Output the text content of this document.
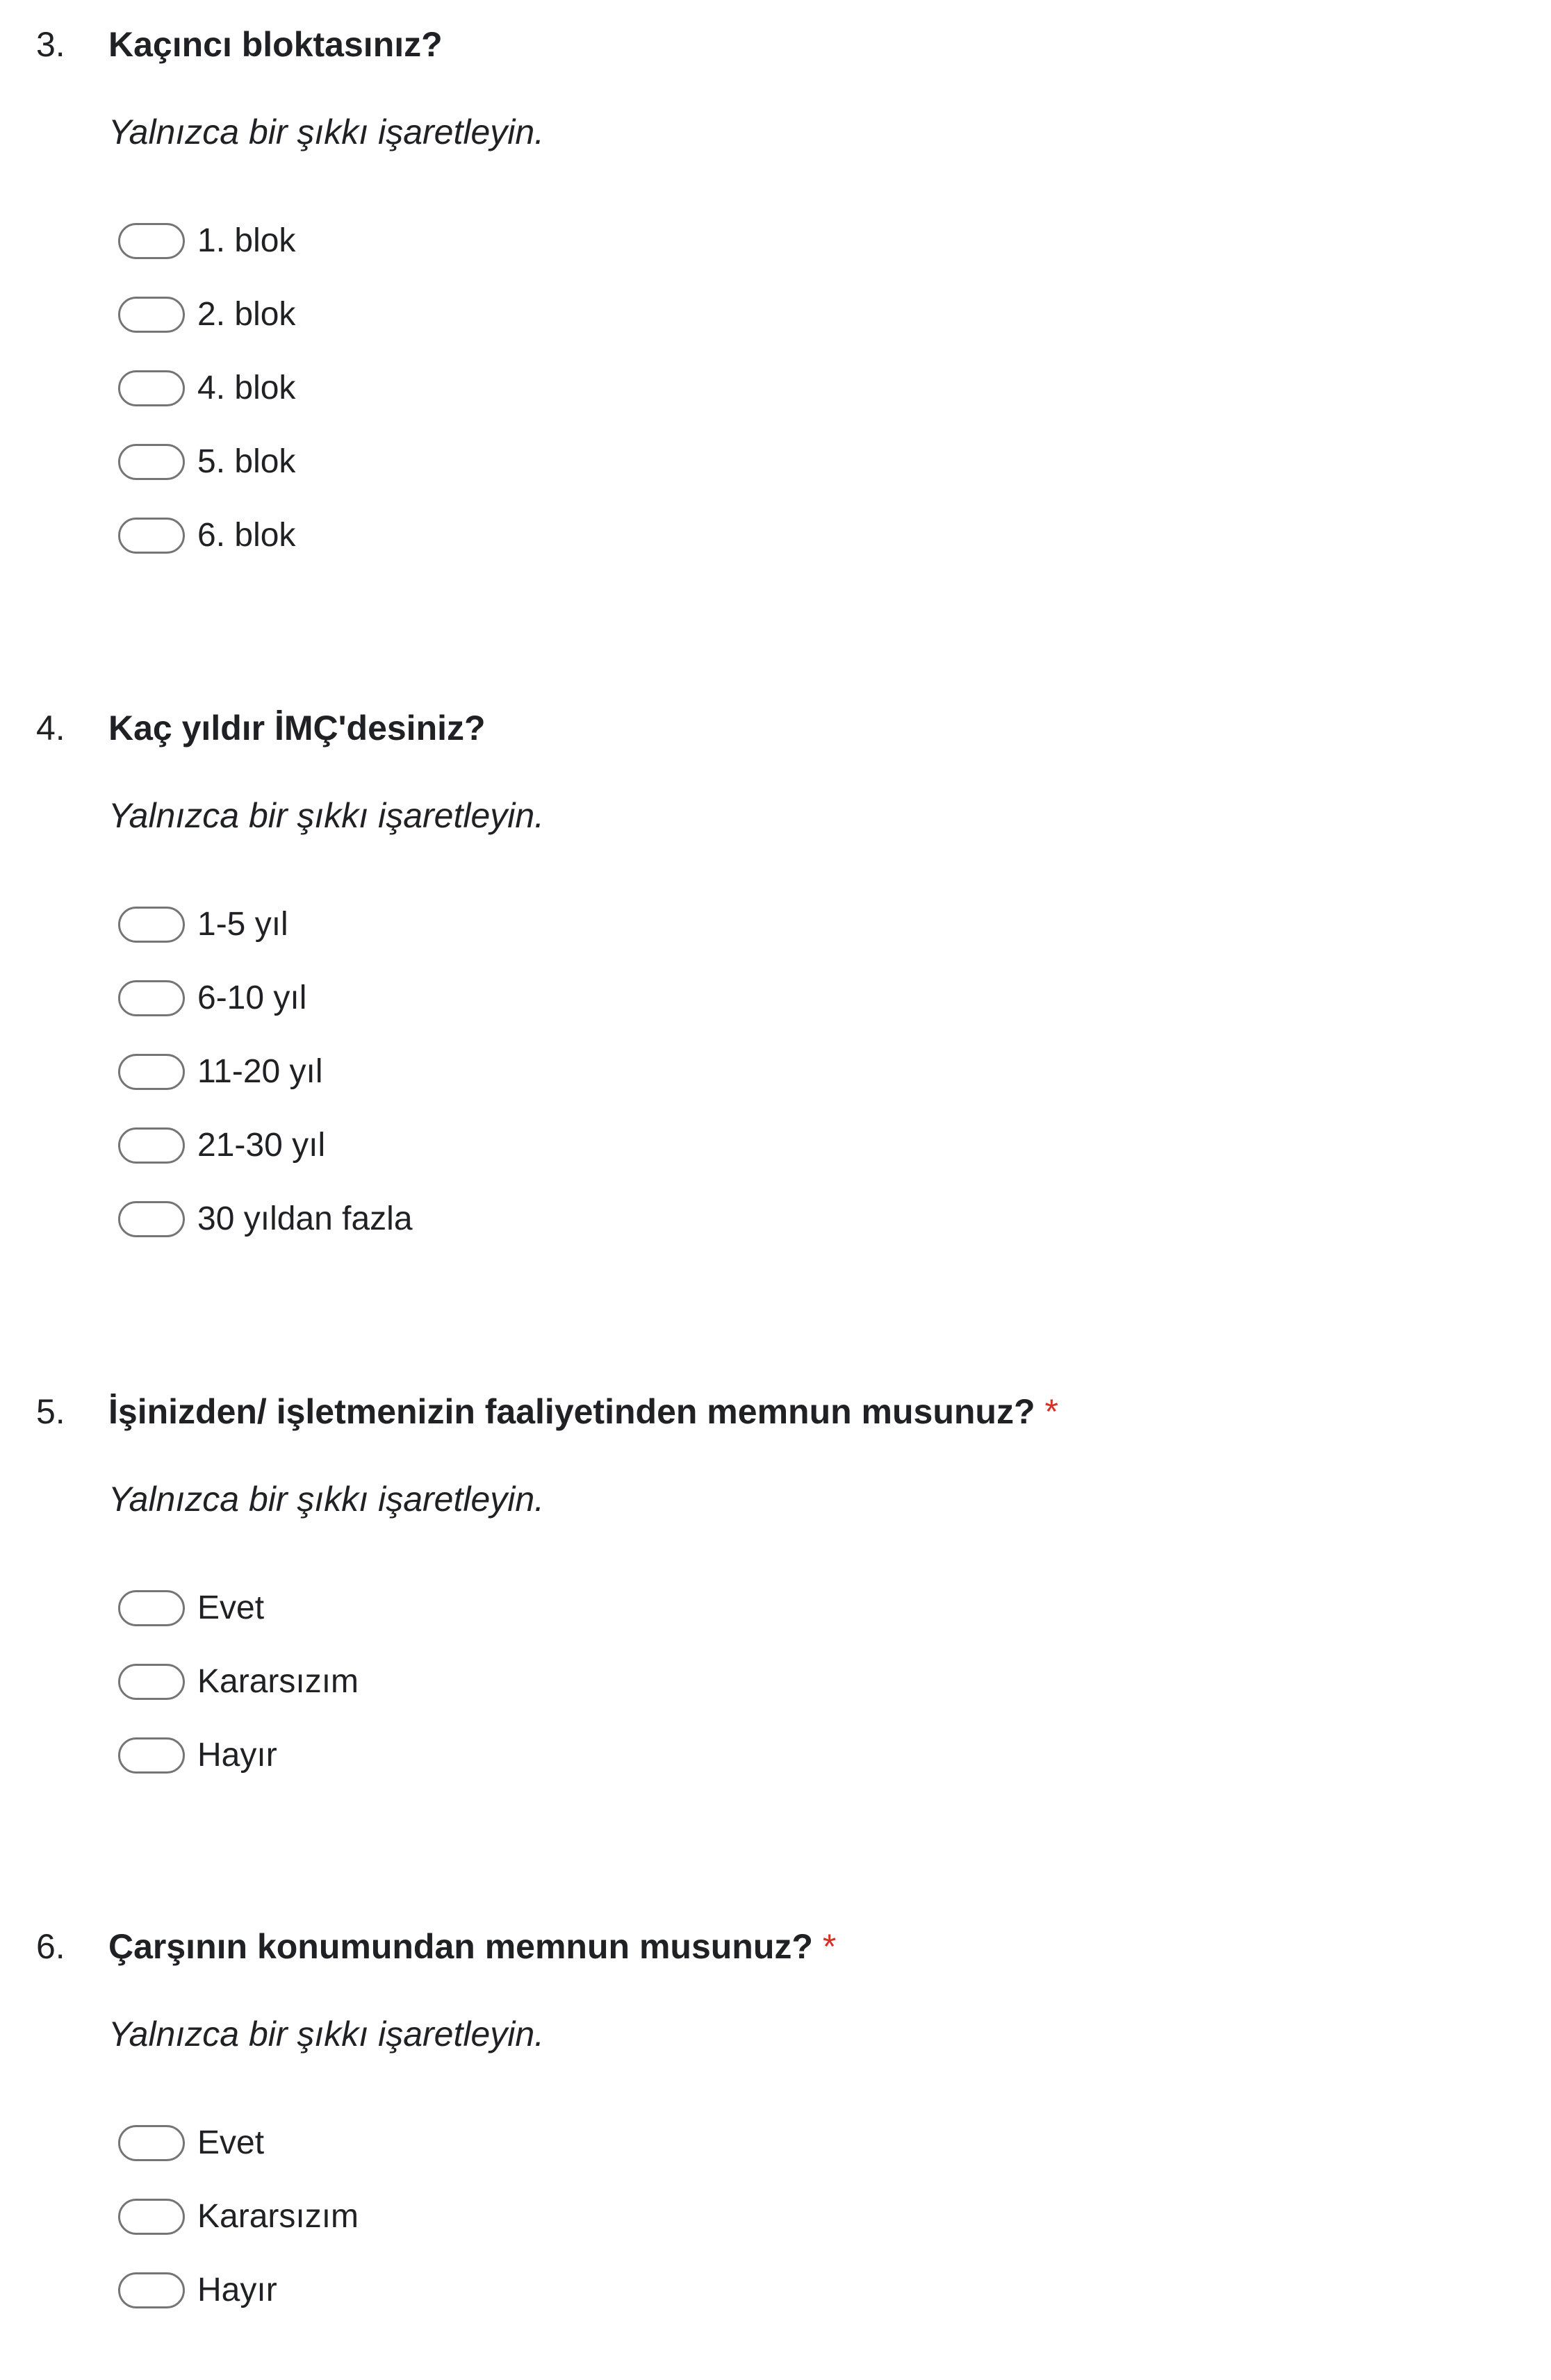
3. Kaçıncı bloktasınız?
Yalnızca bir şıkkı işaretleyin.
1. blok
2. blok
4. blok
5. blok
6. blok
4. Kaç yıldır İMÇ'desiniz?
Yalnızca bir şıkkı işaretleyin.
1-5 yıl
6-10 yıl
11-20 yıl
21-30 yıl
30 yıldan fazla
5. İşinizden/ işletmenizin faaliyetinden memnun musunuz? *
Yalnızca bir şıkkı işaretleyin.
Evet
Kararsızım
Hayır
6. Çarşının konumundan memnun musunuz? *
Yalnızca bir şıkkı işaretleyin.
Evet
Kararsızım
Hayır
